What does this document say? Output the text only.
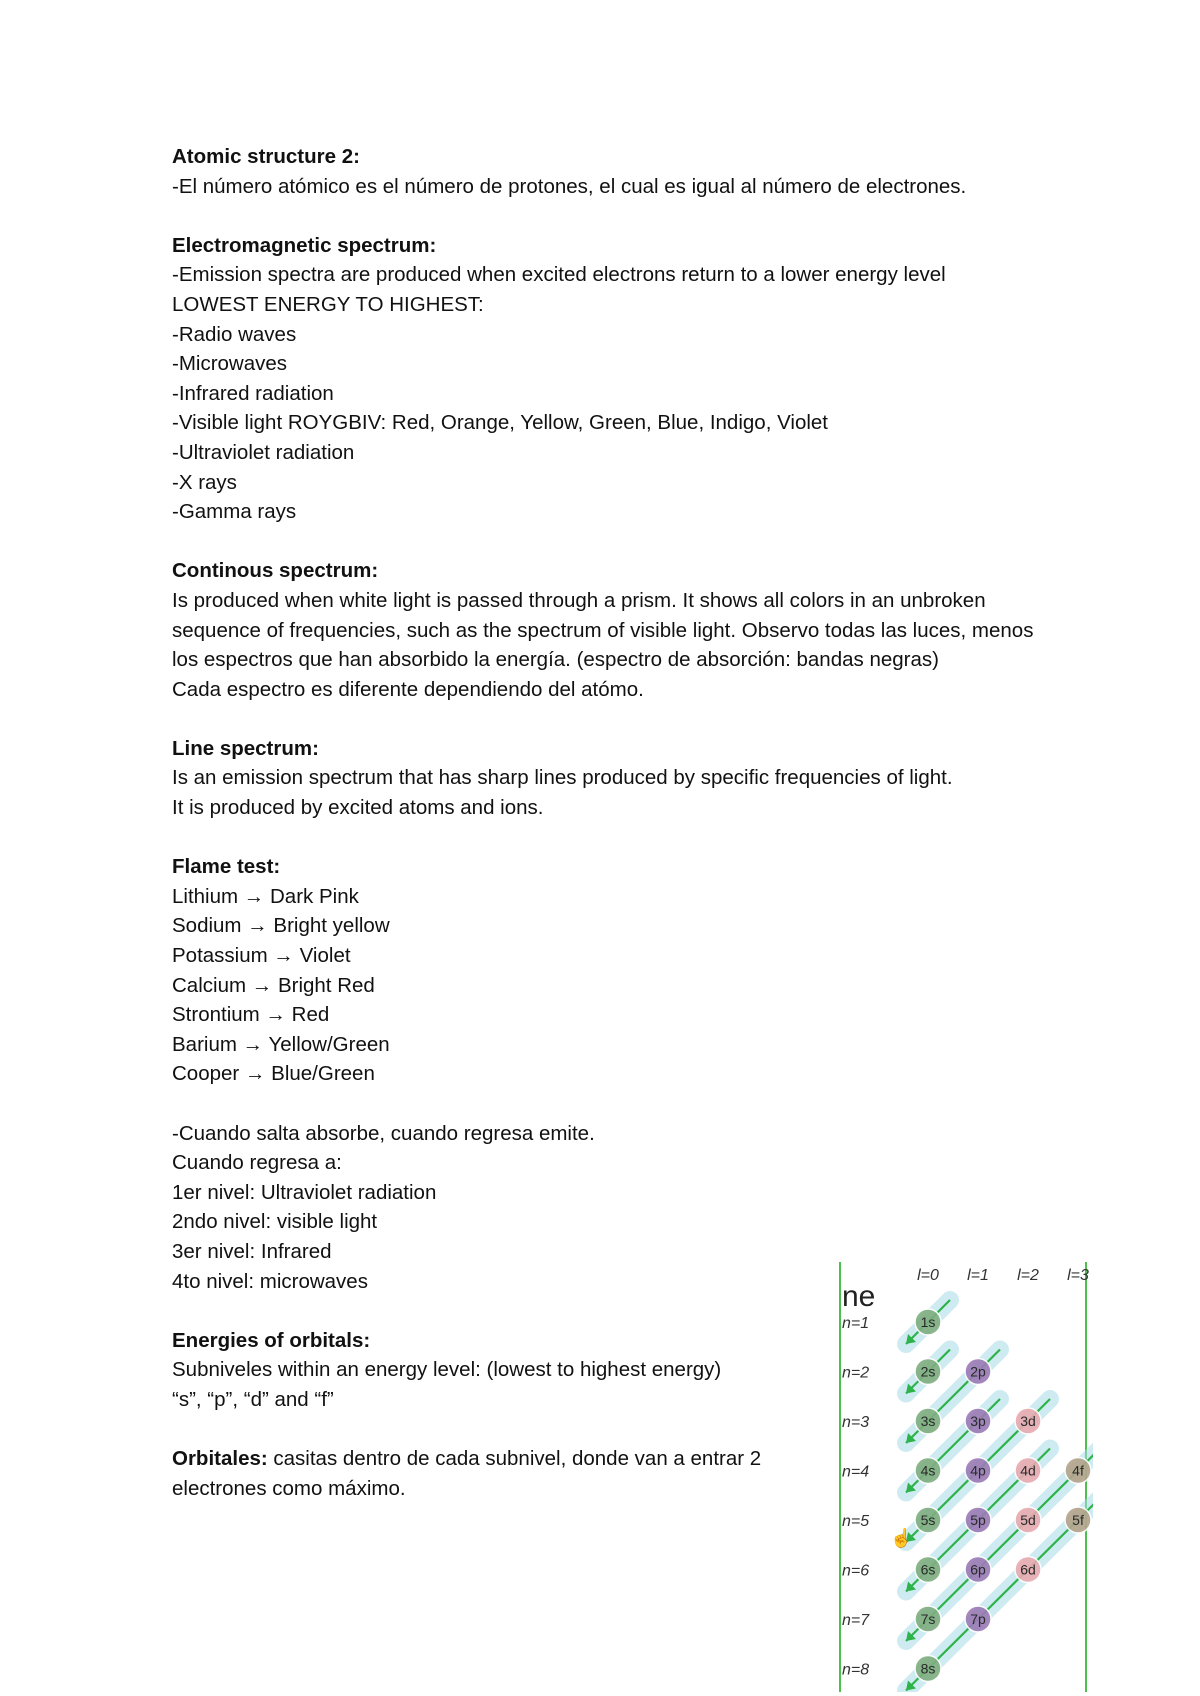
Atomic structure 2:
-El número atómico es el número de protones, el cual es igual al número de electrones.
Electromagnetic spectrum:
-Emission spectra are produced when excited electrons return to a lower energy level
LOWEST ENERGY TO HIGHEST:
-Radio waves
-Microwaves
-Infrared radiation
-Visible light ROYGBIV: Red, Orange, Yellow, Green, Blue, Indigo, Violet
-Ultraviolet radiation
-X rays
-Gamma rays
Continous spectrum:
Is produced when white light is passed through a prism. It shows all colors in an unbroken sequence of frequencies, such as the spectrum of visible light. Observo todas las luces, menos los espectros que han absorbido la energía. (espectro de absorción: bandas negras)
Cada espectro es diferente dependiendo del atómo.
Line spectrum:
Is an emission spectrum that has sharp lines produced by specific frequencies of light.
It is produced by excited atoms and ions.
Flame test:
Lithium → Dark Pink
Sodium → Bright yellow
Potassium → Violet
Calcium → Bright Red
Strontium → Red
Barium → Yellow/Green
Cooper → Blue/Green
-Cuando salta absorbe, cuando regresa emite.
Cuando regresa a:
1er nivel: Ultraviolet radiation
2ndo nivel: visible light
3er nivel: Infrared
4to nivel: microwaves
Energies of orbitals:
Subniveles within an energy level: (lowest to highest energy)
“s”, “p”, “d” and “f”
Orbitales: casitas dentro de cada subnivel, donde van a entrar 2
electrones como máximo.
ne
l=0 l=1 l=2 l=3
n=1
n=2
n=3
n=4
n=5
n=6
n=7
n=8
1s
2s 2p
3s 3p 3d
4s 4p 4d	4f
5s 5p 5d	5f
6s 6p 6d
7s 7p
8s
☝
